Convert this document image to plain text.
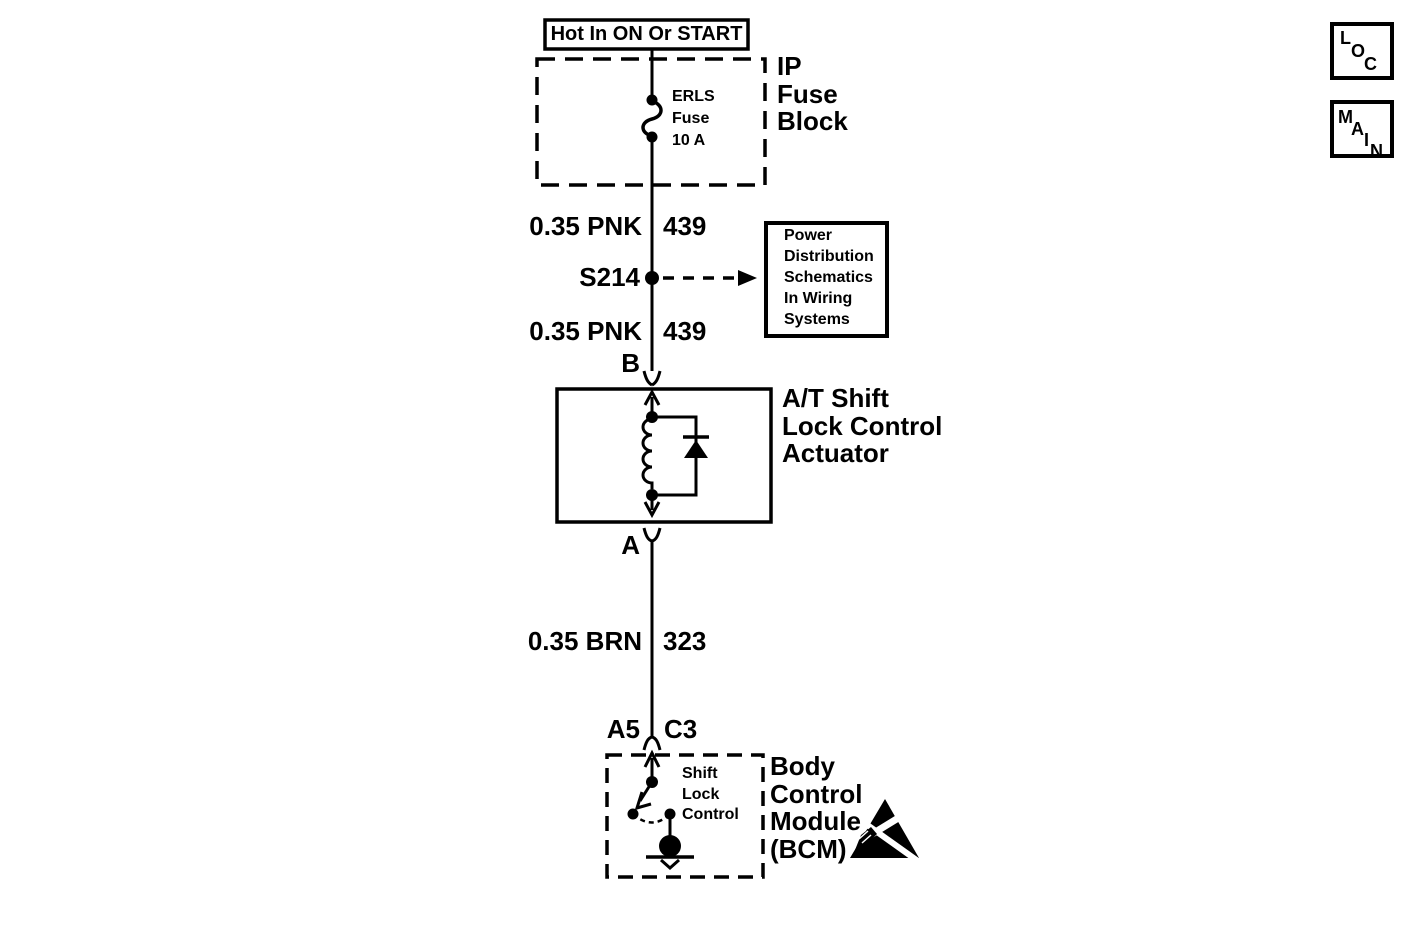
Hot In ON Or START
ERLS
Fuse
10 A
IP
Fuse
Block
0.35 PNK 439
S214
Power
Distribution
Schematics
In Wiring
Systems
0.35 PNK 439
B
A/T Shift
Lock Control
Actuator
A
0.35 BRN 323
A5 C3
Shift
Lock
Control
Body
Control
Module
(BCM)
L
O
C
M
A
I
N
